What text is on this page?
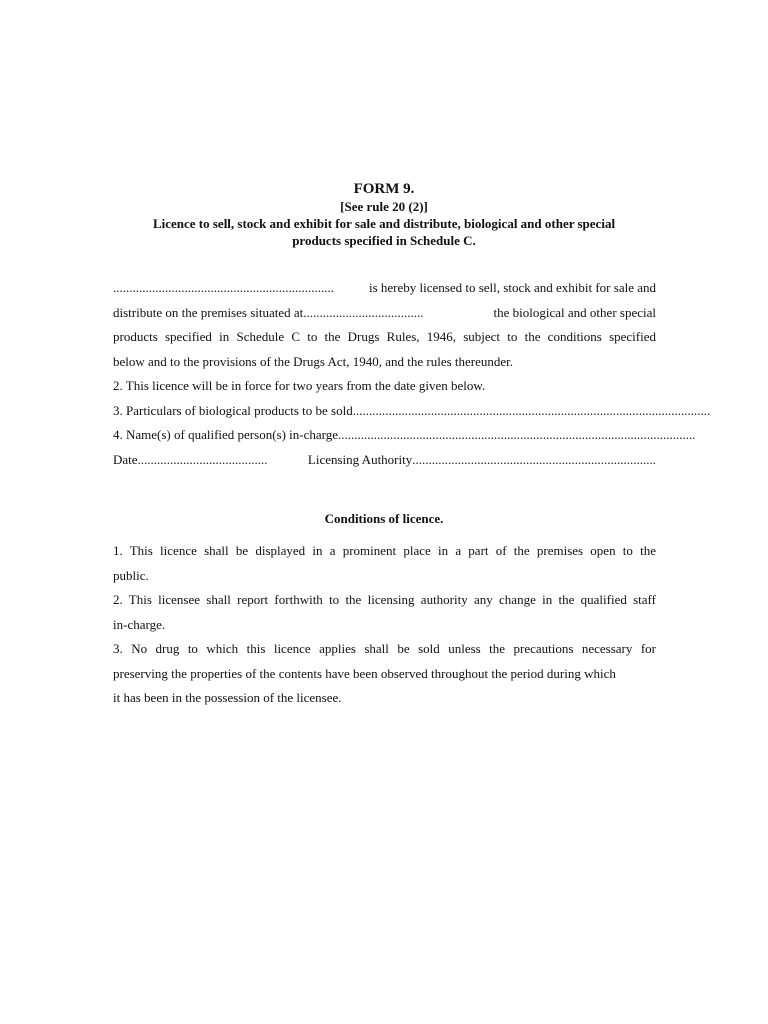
FORM 9.
[See rule 20 (2)]
Licence to sell, stock and exhibit for sale and distribute, biological and other special
products specified in Schedule C.
....................................................................	is hereby licensed to sell, stock and exhibit for sale and
distribute on the premises situated at.....................................	the biological and other special
products specified in Schedule C to the Drugs Rules, 1946, subject to the conditions specified
below and to the provisions of the Drugs Act, 1940, and the rules thereunder.
2. This licence will be in force for two years from the date given below.
3. Particulars of biological products to be sold ..............................................................................................................
4. Name(s) of qualified person(s) in-charge ..............................................................................................................
Date........................................	Licensing Authority ...........................................................................
Conditions of licence.
1. This licence shall be displayed in a prominent place in a part of the premises open to the
public.
2. This licensee shall report forthwith to the licensing authority any change in the qualified staff
in-charge.
3. No drug to which this licence applies shall be sold unless the precautions necessary for
preserving the properties of the contents have been observed throughout the period during which
it has been in the possession of the licensee.
